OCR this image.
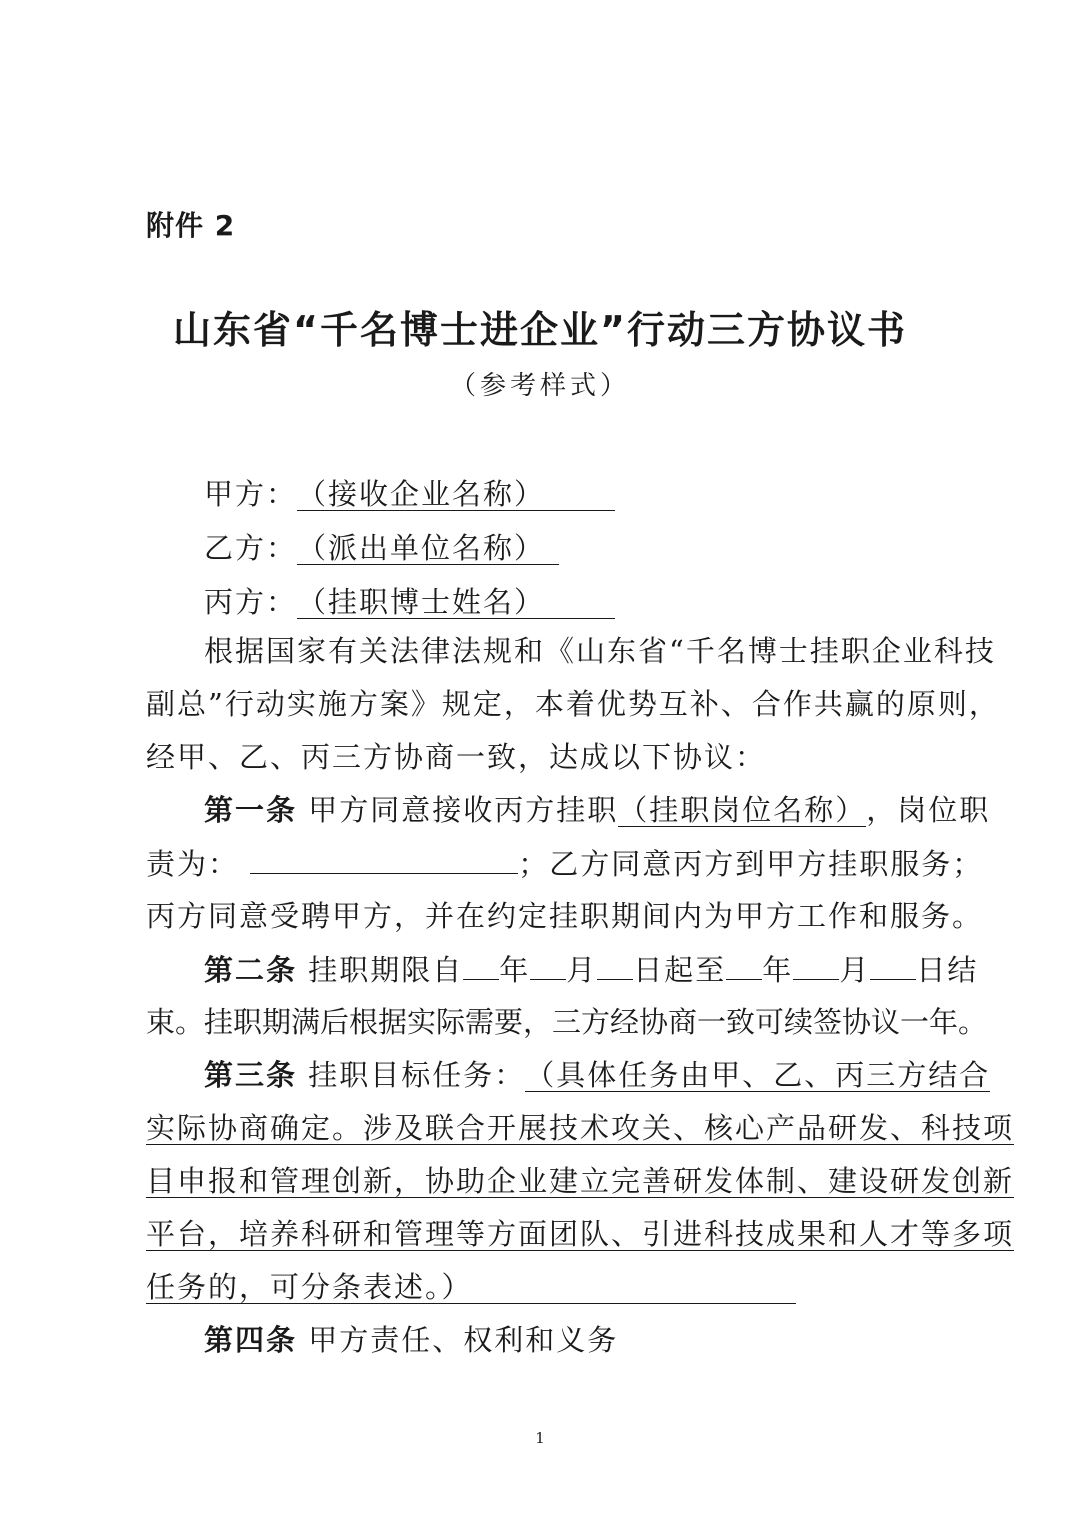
附件 2
山东省“千名博士进企业”行动三方协议书
（参考样式）
甲方：（接收企业名称）
乙方：（派出单位名称）
丙方：（挂职博士姓名）
根据国家有关法律法规和《山东省“千名博士挂职企业科技
副总”行动实施方案》规定，本着优势互补、合作共赢的原则，
经甲、乙、丙三方协商一致，达成以下协议：
第一条 甲方同意接收丙方挂职（挂职岗位名称），岗位职
责为：	；乙方同意丙方到甲方挂职服务；
丙方同意受聘甲方，并在约定挂职期间内为甲方工作和服务。
第二条 挂职期限自 年 月 日起至 年 月 日结
束。挂职期满后根据实际需要，三方经协商一致可续签协议一年。
第三条 挂职目标任务：（具体任务由甲、乙、丙三方结合
实际协商确定。涉及联合开展技术攻关、核心产品研发、科技项
目申报和管理创新，协助企业建立完善研发体制、建设研发创新
平台，培养科研和管理等方面团队、引进科技成果和人才等多项
任务的，可分条表述。）
第四条 甲方责任、权利和义务
1
